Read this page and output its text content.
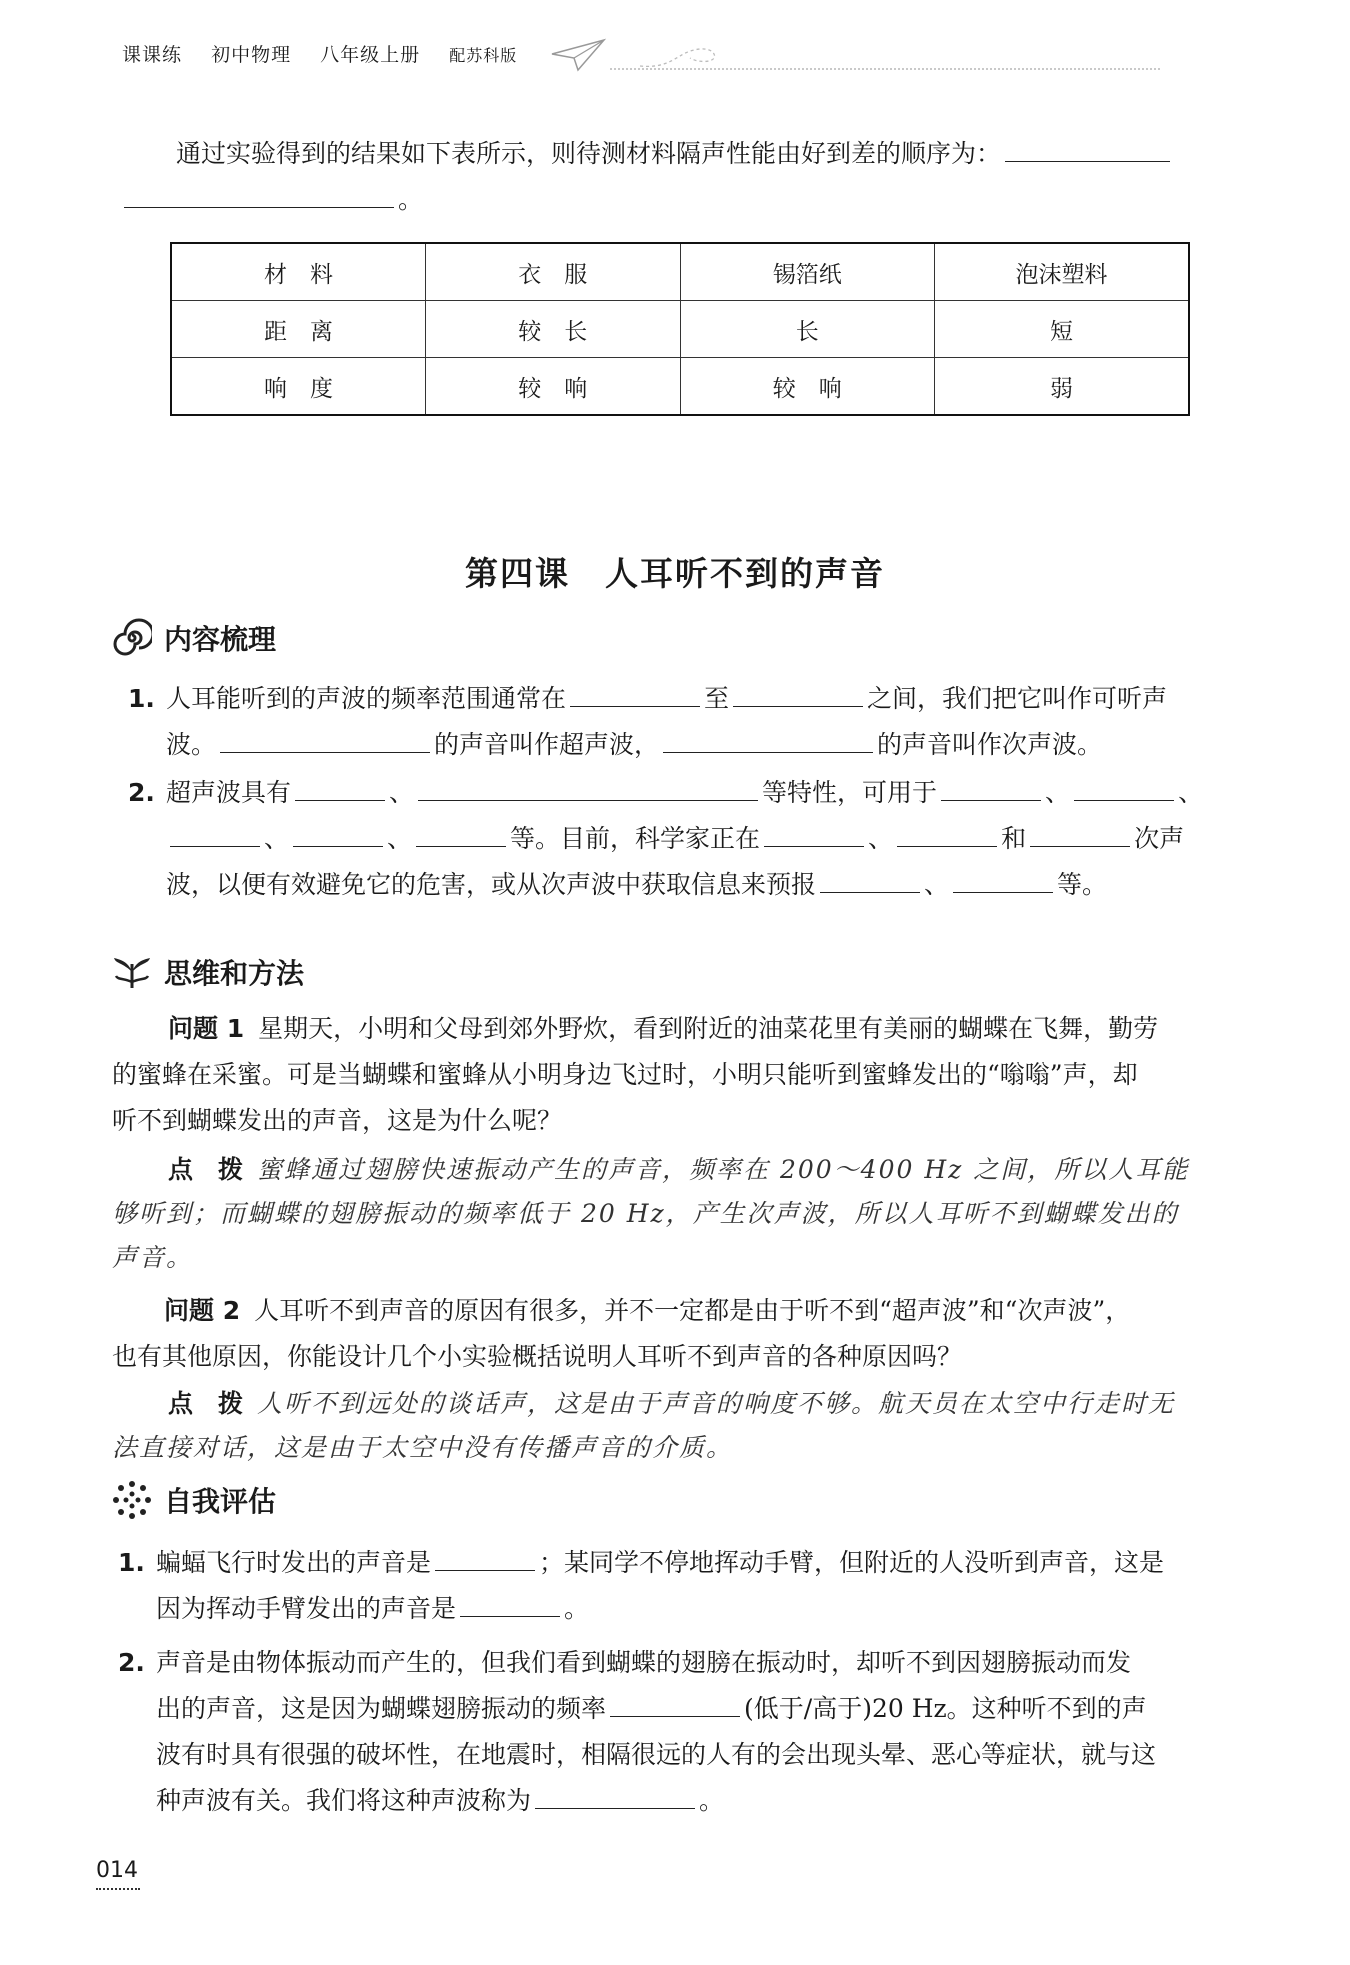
课课练 初中物理 八年级上册 配苏科版
通过实验得到的结果如下表所示，则待测材料隔声性能由好到差的顺序为：
。
材　料	衣　服	锡箔纸	泡沫塑料
距　离	较　长	长	短
响　度	较　响	较　响	弱
第四课　人耳听不到的声音
内容梳理
1. 人耳能听到的声波的频率范围通常在	至	之间，我们把它叫作可听声
波。	的声音叫作超声波，	的声音叫作次声波。
2. 超声波具有	、	等特性，可用于	、	、
、	、	等。目前，科学家正在	、	和	次声
波，以便有效避免它的危害，或从次声波中获取信息来预报	、	等。
思维和方法
问题 1 星期天，小明和父母到郊外野炊，看到附近的油菜花里有美丽的蝴蝶在飞舞，勤劳
的蜜蜂在采蜜。可是当蝴蝶和蜜蜂从小明身边飞过时，小明只能听到蜜蜂发出的“嗡嗡”声，却
听不到蝴蝶发出的声音，这是为什么呢？
点　拨 蜜蜂通过翅膀快速振动产生的声音，频率在 200～400 Hz 之间，所以人耳能
够听到；而蝴蝶的翅膀振动的频率低于 20 Hz，产生次声波，所以人耳听不到蝴蝶发出的
声音。
问题 2 人耳听不到声音的原因有很多，并不一定都是由于听不到“超声波”和“次声波”，
也有其他原因，你能设计几个小实验概括说明人耳听不到声音的各种原因吗？
点　拨 人听不到远处的谈话声，这是由于声音的响度不够。航天员在太空中行走时无
法直接对话，这是由于太空中没有传播声音的介质。
自我评估
1. 蝙蝠飞行时发出的声音是	；某同学不停地挥动手臂，但附近的人没听到声音，这是
因为挥动手臂发出的声音是	。
2. 声音是由物体振动而产生的，但我们看到蝴蝶的翅膀在振动时，却听不到因翅膀振动而发
出的声音，这是因为蝴蝶翅膀振动的频率	(低于/高于)20 Hz。这种听不到的声
波有时具有很强的破坏性，在地震时，相隔很远的人有的会出现头晕、恶心等症状，就与这
种声波有关。我们将这种声波称为	。
014
